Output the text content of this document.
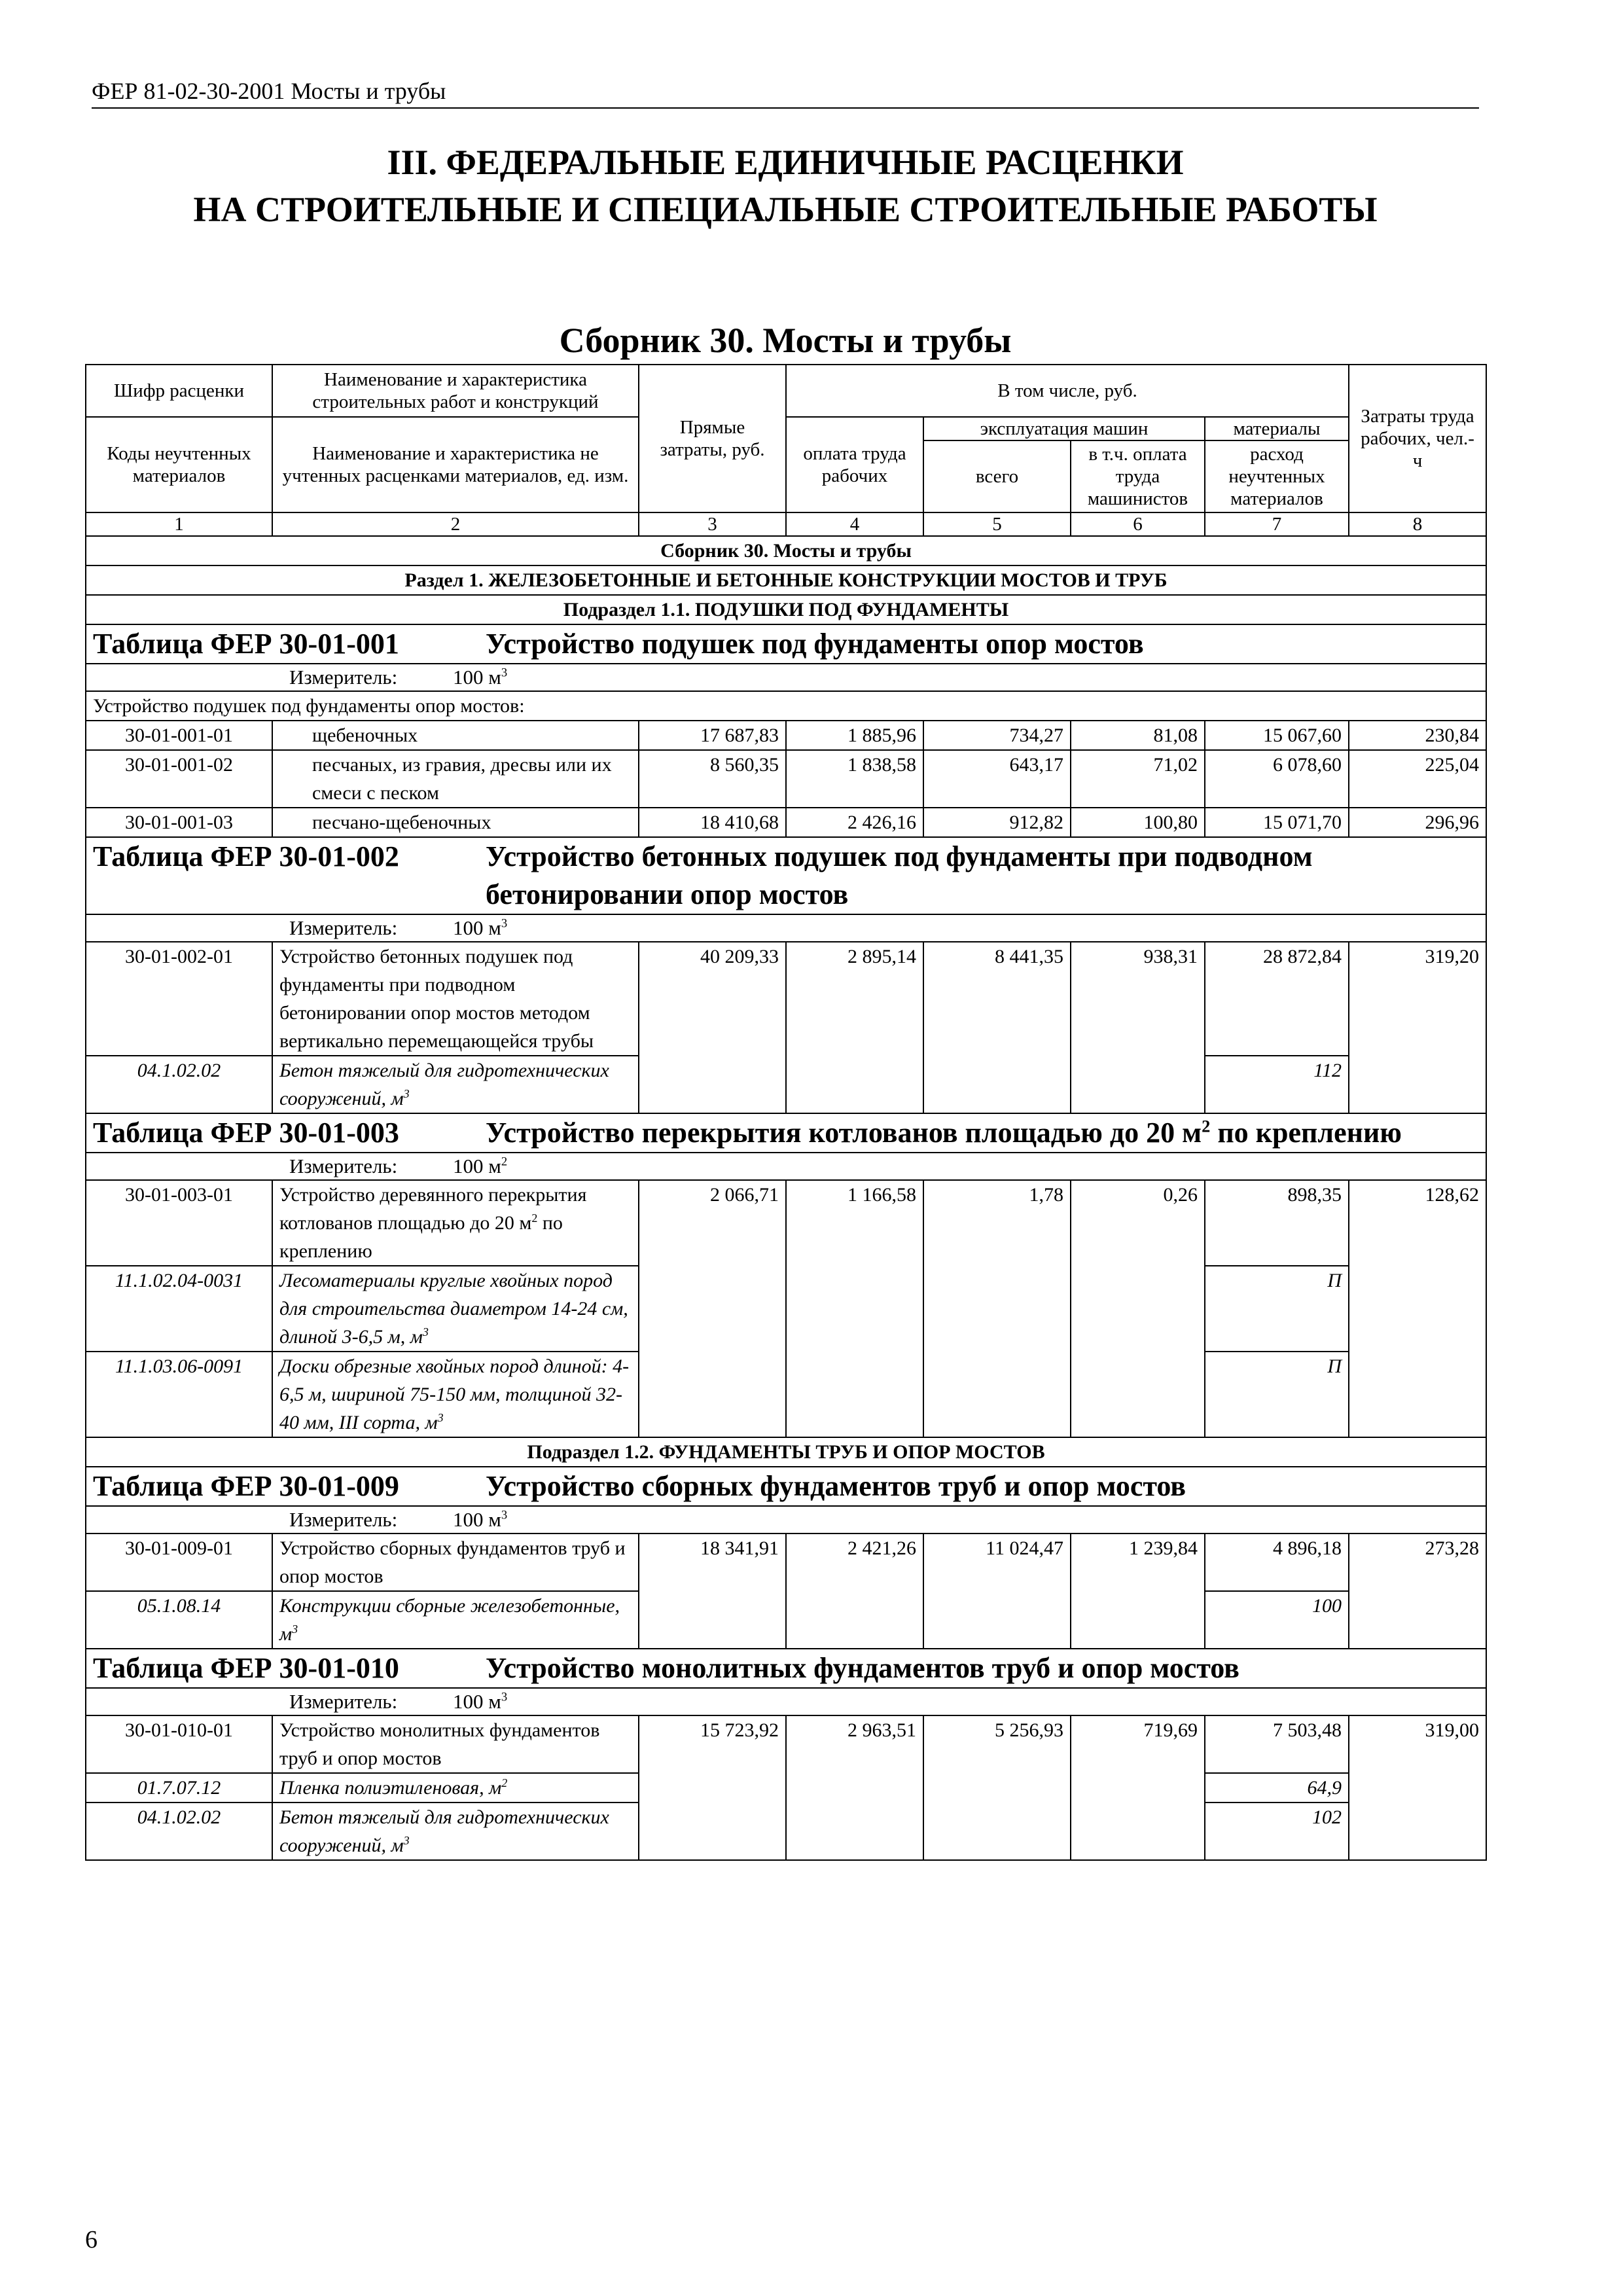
ФЕР 81-02-30-2001 Мосты и трубы
III. ФЕДЕРАЛЬНЫЕ ЕДИНИЧНЫЕ РАСЦЕНКИ
НА СТРОИТЕЛЬНЫЕ И СПЕЦИАЛЬНЫЕ СТРОИТЕЛЬНЫЕ РАБОТЫ
Сборник 30. Мосты и трубы
Шифр расценки	Наименование и характеристика строительных работ и конструкций	Прямые затраты, руб.	В том числе, руб.				Затраты труда рабочих, чел.-ч
Коды неучтенных материалов	Наименование и характеристика не учтенных расценками материалов, ед. изм.		оплата труда рабочих	эксплуатация машин		материалы	
				всего	в т.ч. оплата труда машинистов	расход неучтенных материалов	
1	2	3	4	5	6	7	8
Сборник 30. Мосты и трубы							
Раздел 1. ЖЕЛЕЗОБЕТОННЫЕ И БЕТОННЫЕ КОНСТРУКЦИИ МОСТОВ И ТРУБ							
Подраздел 1.1. ПОДУШКИ ПОД ФУНДАМЕНТЫ							

Таблица ФЕР 30-01-001 Устройство подушек под фундаменты опор мостов							

Измеритель: 100 $м^3$

Устройство подушек под фундаменты опор мостов:							
30-01-001-01	щебеночных	17 687,83	1 885,96	734,27	81,08	15 067,60	230,84
30-01-001-02	песчаных, из гравия, дресвы или их смеси с песком	8 560,35	1 838,58	643,17	71,02	6 078,60	225,04
30-01-001-03	песчано-щебеночных	18 410,68	2 426,16	912,82	100,80	15 071,70	296,96

Таблица ФЕР 30-01-002 Устройство бетонных подушек под фундаменты при подводном бетонировании опор мостов							

Измеритель: 100 $м^3$

30-01-002-01	Устройство бетонных подушек под фундаменты при подводном бетонировании опор мостов методом вертикально перемещающейся трубы	40 209,33	2 895,14	8 441,35	938,31	28 872,84	319,20
04.1.02.02	Бетон тяжелый для гидротехнических сооружений, $м^3$					112	

Таблица ФЕР 30-01-003 Устройство перекрытия котлованов площадью до 20 $м^2$ по креплению							

Измеритель: 100 $м^2$

30-01-003-01	Устройство деревянного перекрытия котлованов площадью до 20 $м^2$ по креплению	2 066,71	1 166,58	1,78	0,26	898,35	128,62
11.1.02.04-0031	Лесоматериалы круглые хвойных пород для строительства диаметром 14-24 см, длиной 3-6,5 м, $м^3$					П	
11.1.03.06-0091	Доски обрезные хвойных пород длиной: 4-6,5 м, шириной 75-150 мм, толщиной 32-40 мм, III сорта, $м^3$					П	
Подраздел 1.2. ФУНДАМЕНТЫ ТРУБ И ОПОР МОСТОВ							

Таблица ФЕР 30-01-009 Устройство сборных фундаментов труб и опор мостов							

Измеритель: 100 $м^3$

30-01-009-01	Устройство сборных фундаментов труб и опор мостов	18 341,91	2 421,26	11 024,47	1 239,84	4 896,18	273,28
05.1.08.14	Конструкции сборные железобетонные, $м^3$					100	

Таблица ФЕР 30-01-010 Устройство монолитных фундаментов труб и опор мостов							

Измеритель: 100 $м^3$

30-01-010-01	Устройство монолитных фундаментов труб и опор мостов	15 723,92	2 963,51	5 256,93	719,69	7 503,48	319,00
01.7.07.12	Пленка полиэтиленовая, $м^2$					64,9	
04.1.02.02	Бетон тяжелый для гидротехнических сооружений, $м^3$					102	
6
